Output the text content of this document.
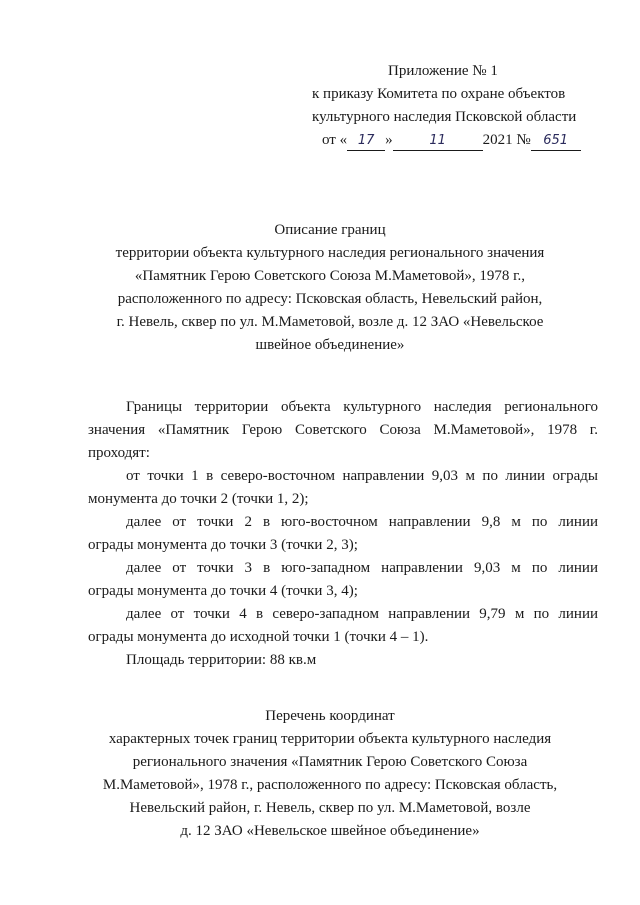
Приложение № 1
к приказу Комитета по охране объектов
культурного наследия Псковской области
от « 17 »	11 2021 № 651
Описание границ
территории объекта культурного наследия регионального значения
«Памятник Герою Советского Союза М.Маметовой», 1978 г.,
расположенного по адресу: Псковская область, Невельский район,
г. Невель, сквер по ул. М.Маметовой, возле д. 12 ЗАО «Невельское
швейное объединение»
Границы территории объекта культурного наследия регионального
значения «Памятник Герою Советского Союза М.Маметовой», 1978 г.
проходят:
от точки 1 в северо-восточном направлении 9,03 м по линии ограды
монумента до точки 2 (точки 1, 2);
далее от точки 2 в юго-восточном направлении 9,8 м по линии
ограды монумента до точки 3 (точки 2, 3);
далее от точки 3 в юго-западном направлении 9,03 м по линии
ограды монумента до точки 4 (точки 3, 4);
далее от точки 4 в северо-западном направлении 9,79 м по линии
ограды монумента до исходной точки 1 (точки 4 – 1).
Площадь территории: 88 кв.м
Перечень координат
характерных точек границ территории объекта культурного наследия
регионального значения «Памятник Герою Советского Союза
М.Маметовой», 1978 г., расположенного по адресу: Псковская область,
Невельский район, г. Невель, сквер по ул. М.Маметовой, возле
д. 12 ЗАО «Невельское швейное объединение»
